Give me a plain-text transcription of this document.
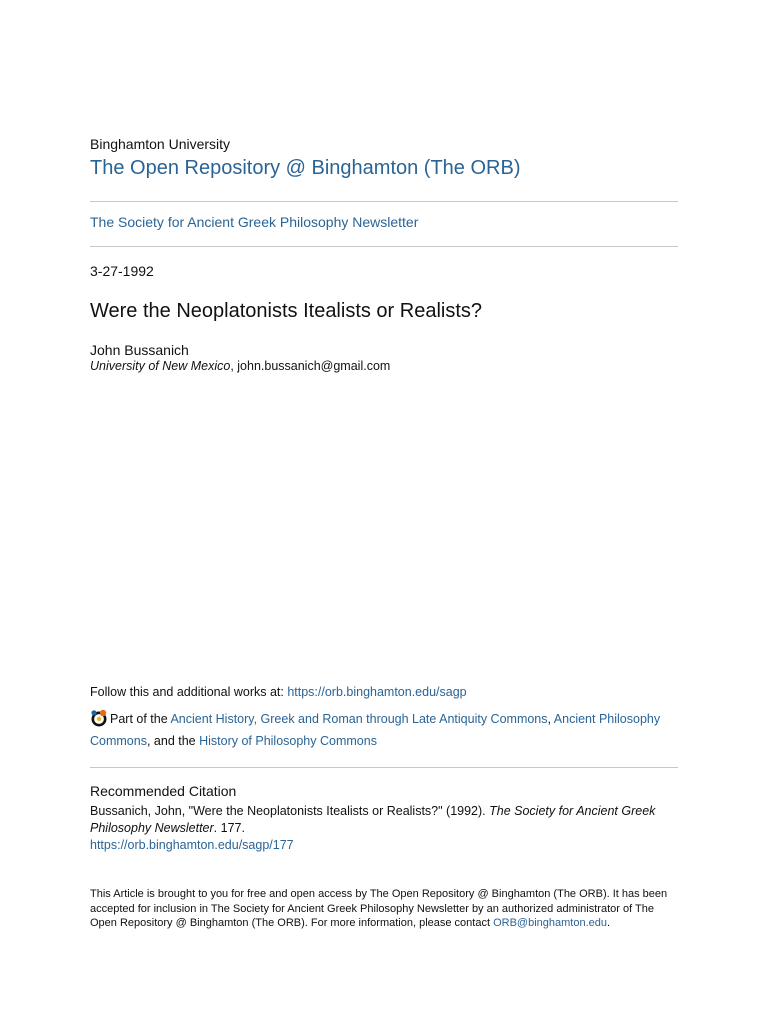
Binghamton University
The Open Repository @ Binghamton (The ORB)
The Society for Ancient Greek Philosophy Newsletter
3-27-1992
Were the Neoplatonists Itealists or Realists?
John Bussanich
University of New Mexico, john.bussanich@gmail.com
Follow this and additional works at: https://orb.binghamton.edu/sagp
Part of the Ancient History, Greek and Roman through Late Antiquity Commons, Ancient Philosophy Commons, and the History of Philosophy Commons
Recommended Citation
Bussanich, John, "Were the Neoplatonists Itealists or Realists?" (1992). The Society for Ancient Greek Philosophy Newsletter. 177.
https://orb.binghamton.edu/sagp/177
This Article is brought to you for free and open access by The Open Repository @ Binghamton (The ORB). It has been accepted for inclusion in The Society for Ancient Greek Philosophy Newsletter by an authorized administrator of The Open Repository @ Binghamton (The ORB). For more information, please contact ORB@binghamton.edu.
